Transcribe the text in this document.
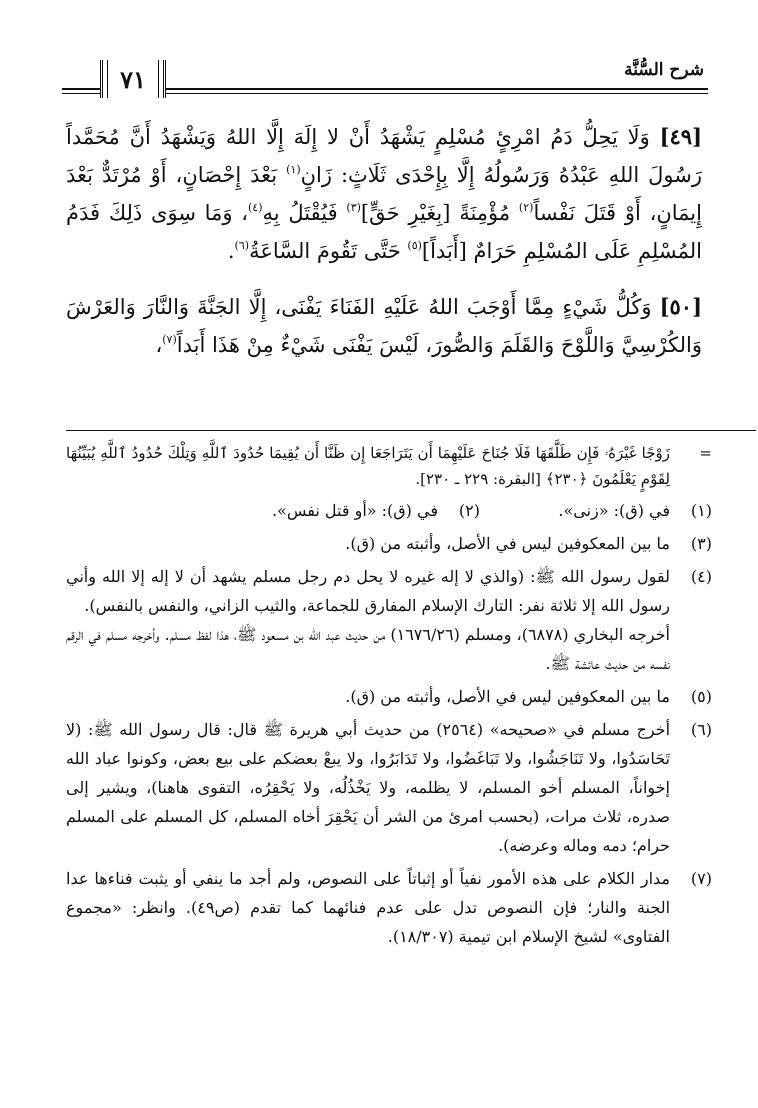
شرح السُّنَّة
٧١

[٤٩] وَلَا يَحِلُّ دَمُ امْرِئٍ مُسْلِمٍ يَشْهَدُ أَنْ لا إِلَهَ إِلَّا اللهُ وَيَشْهَدُ أَنَّ مُحَمَّداً رَسُولَ اللهِ عَبْدُهُ وَرَسُولُهُ إِلَّا بِإِحْدَى ثَلَاثٍ: زَانٍ$^{(١)}$ بَعْدَ إِحْصَانٍ، أَوْ مُرْتَدٌّ بَعْدَ إِيمَانٍ، أَوْ قَتَلَ نَفْساً$^{(٢)}$ مُؤْمِنَةً [بِغَيْرِ حَقٍّ]$^{(٣)}$ فَيُقْتَلُ بِهِ$^{(٤)}$، وَمَا سِوَى ذَلِكَ فَدَمُ المُسْلِمِ عَلَى المُسْلِمِ حَرَامٌ [أَبَداً]$^{(٥)}$ حَتَّى تَقُومَ السَّاعَةُ$^{(٦)}$.

[٥٠] وَكُلُّ شَيْءٍ مِمَّا أَوْجَبَ اللهُ عَلَيْهِ الفَنَاءَ يَفْنَى، إِلَّا الجَنَّةَ وَالنَّارَ وَالعَرْشَ وَالكُرْسِيَّ وَاللَّوْحَ وَالقَلَمَ وَالصُّورَ، لَيْسَ يَفْنَى شَيْءٌ مِنْ هَذَا أَبَداً$^{(٧)}$،

=
زَوْجًا غَيْرَهُۥ فَإِن طَلَّقَهَا فَلَا جُنَاحَ عَلَيْهِمَا أَن يَتَرَاجَعَا إِن ظَنَّا أَن يُقِيمَا حُدُودَ ٱللَّهِ وَتِلْكَ حُدُودُ ٱللَّهِ يُبَيِّنُهَا لِقَوْمٍ يَعْلَمُونَ ﴿٢٣٠﴾ [البقرة: ٢٢٩ ـ ٢٣٠].
(١)
في (ق): «زنى».
(٢)
في (ق): «أو قتل نفس».
(٣)
ما بين المعكوفين ليس في الأصل، وأثبته من (ق).
(٤)
لقول رسول الله ﷺ: (والذي لا إله غيره لا يحل دم رجل مسلم يشهد أن لا إله إلا الله وأني رسول الله إلا ثلاثة نفر: التارك الإسلام المفارق للجماعة، والثيب الزاني، والنفس بالنفس).
أخرجه البخاري (٦٨٧٨)، ومسلم (١٦٧٦/٢٦) من حديث عبد الله بن مسعود ﷺ، هذا لفظ مسلم. وأخرجه مسلم في الرقم نفسه من حديث عائشة ﷺ.
(٥)
ما بين المعكوفين ليس في الأصل، وأثبته من (ق).
(٦)
أخرج مسلم في «صحيحه» (٢٥٦٤) من حديث أبي هريرة ﷺ قال: قال رسول الله ﷺ: (لا تَحَاسَدُوا، ولا تَنَاجَشُوا، ولا تَبَاغَضُوا، ولا تَدَابَرُوا، ولا يبعْ بعضكم على بيع بعض، وكونوا عباد الله إخواناً، المسلم أخو المسلم، لا يظلمه، ولا يَخْذُلُه، ولا يَحْقِرُه، التقوى هاهنا)، ويشير إلى صدره، ثلاث مرات، (بحسب امرئ من الشر أن يَحْقِرَ أخاه المسلم، كل المسلم على المسلم حرام؛ دمه وماله وعرضه).
(٧)
مدار الكلام على هذه الأمور نفياً أو إثباتاً على النصوص، ولم أجد ما ينفي أو يثبت فناءها عدا الجنة والنار؛ فإن النصوص تدل على عدم فنائهما كما تقدم (ص٤٩). وانظر: «مجموع الفتاوى» لشيخ الإسلام ابن تيمية (١٨/٣٠٧).
